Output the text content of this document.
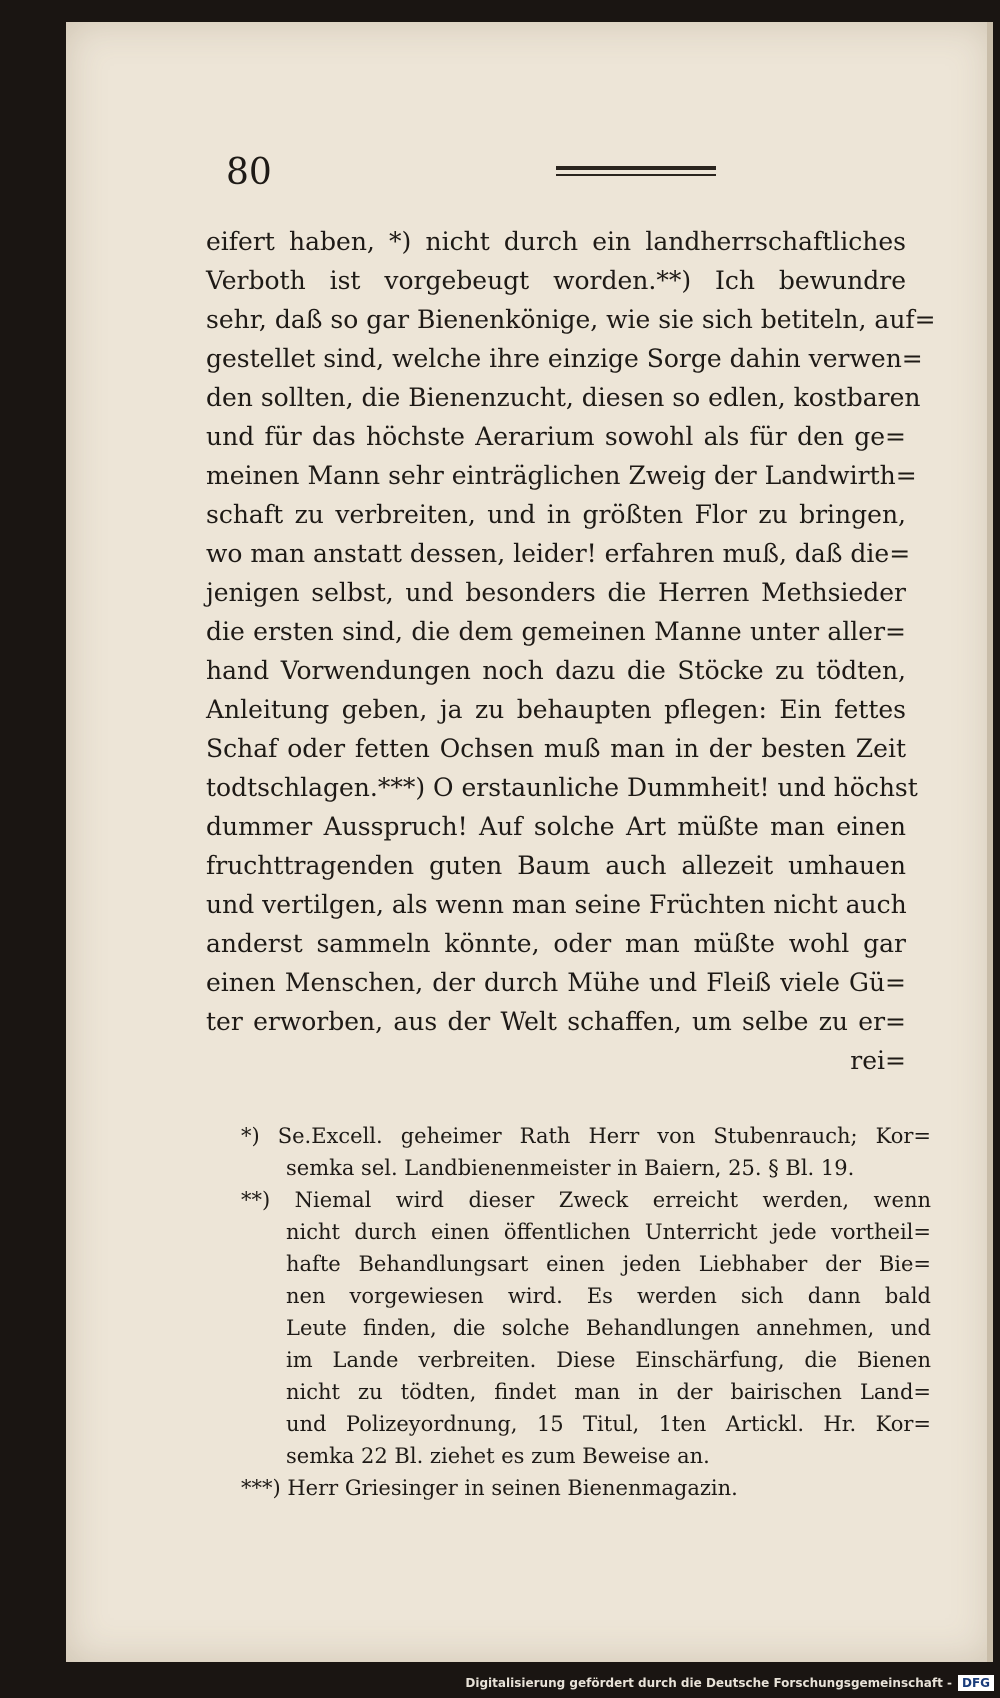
80
eifert haben, *) nicht durch ein landherrschaftliches
Verboth ist vorgebeugt worden.**) Ich bewundre
sehr, daß so gar Bienenkönige, wie sie sich betiteln, auf=
gestellet sind, welche ihre einzige Sorge dahin verwen=
den sollten, die Bienenzucht, diesen so edlen, kostbaren
und für das höchste Aerarium sowohl als für den ge=
meinen Mann sehr einträglichen Zweig der Landwirth=
schaft zu verbreiten, und in größten Flor zu bringen,
wo man anstatt dessen, leider! erfahren muß, daß die=
jenigen selbst, und besonders die Herren Methsieder
die ersten sind, die dem gemeinen Manne unter aller=
hand Vorwendungen noch dazu die Stöcke zu tödten,
Anleitung geben, ja zu behaupten pflegen: Ein fettes
Schaf oder fetten Ochsen muß man in der besten Zeit
todtschlagen.***) O erstaunliche Dummheit! und höchst
dummer Ausspruch! Auf solche Art müßte man einen
fruchttragenden guten Baum auch allezeit umhauen
und vertilgen, als wenn man seine Früchten nicht auch
anderst sammeln könnte, oder man müßte wohl gar
einen Menschen, der durch Mühe und Fleiß viele Gü=
ter erworben, aus der Welt schaffen, um selbe zu er=
rei=
*) Se.Excell. geheimer Rath Herr von Stubenrauch; Kor=
semka sel. Landbienenmeister in Baiern, 25. § Bl. 19.
**) Niemal wird dieser Zweck erreicht werden, wenn
nicht durch einen öffentlichen Unterricht jede vortheil=
hafte Behandlungsart einen jeden Liebhaber der Bie=
nen vorgewiesen wird. Es werden sich dann bald
Leute finden, die solche Behandlungen annehmen, und
im Lande verbreiten. Diese Einschärfung, die Bienen
nicht zu tödten, findet man in der bairischen Land=
und Polizeyordnung, 15 Titul, 1ten Artickl. Hr. Kor=
semka 22 Bl. ziehet es zum Beweise an.
***) Herr Griesinger in seinen Bienenmagazin.
Digitalisierung gefördert durch die Deutsche Forschungsgemeinschaft - DFG
